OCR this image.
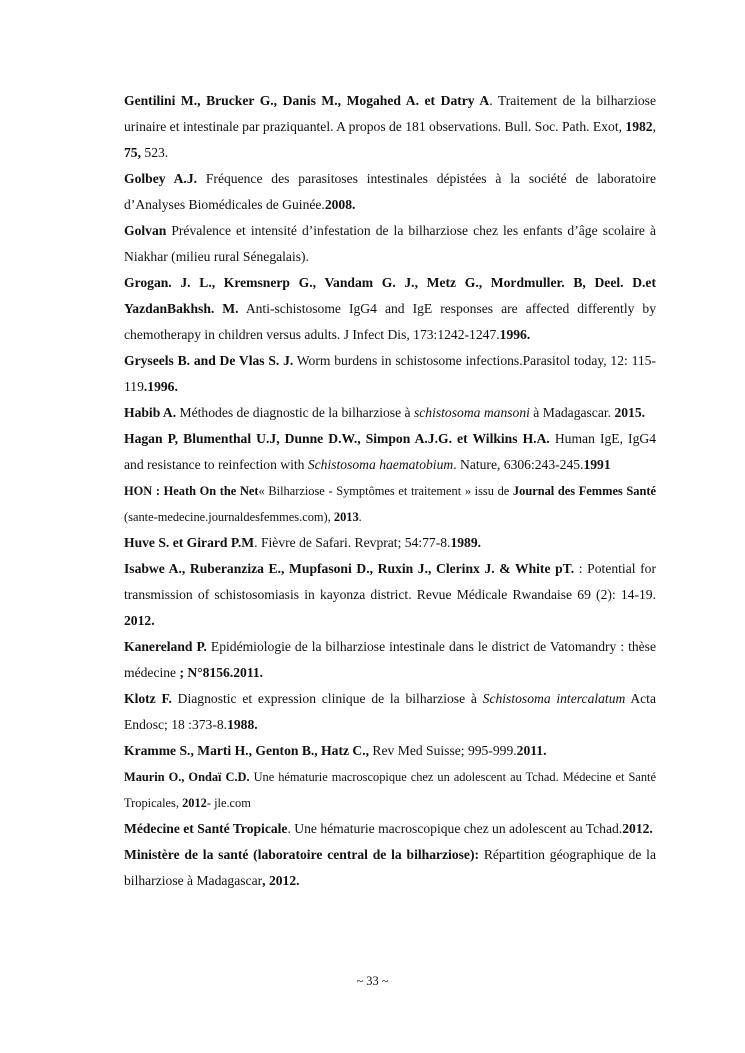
Gentilini M., Brucker G., Danis M., Mogahed A. et Datry A. Traitement de la bilharziose urinaire et intestinale par praziquantel. A propos de 181 observations. Bull. Soc. Path. Exot, 1982, 75, 523.

Golbey A.J. Fréquence des parasitoses intestinales dépistées à la société de laboratoire d’Analyses Biomédicales de Guinée.2008.

Golvan Prévalence et intensité d’infestation de la bilharziose chez les enfants d’âge scolaire à Niakhar (milieu rural Sénegalais).

Grogan. J. L., Kremsnerp G., Vandam G. J., Metz G., Mordmuller. B, Deel. D.et YazdanBakhsh. M. Anti-schistosome IgG4 and IgE responses are affected differently by chemotherapy in children versus adults. J Infect Dis, 173:1242-1247.1996.

Gryseels B. and De Vlas S. J. Worm burdens in schistosome infections.Parasitol today, 12: 115-119.1996.

Habib A. Méthodes de diagnostic de la bilharziose à schistosoma mansoni à Madagascar. 2015.

Hagan P, Blumenthal U.J, Dunne D.W., Simpon A.J.G. et Wilkins H.A. Human IgE, IgG4 and resistance to reinfection with Schistosoma haematobium. Nature, 6306:243-245.1991

HON : Heath On the Net« Bilharziose - Symptômes et traitement » issu de Journal des Femmes Santé (sante-medecine.journaldesfemmes.com), 2013.

Huve S. et Girard P.M. Fièvre de Safari. Revprat; 54:77-8.1989.

Isabwe A., Ruberanziza E., Mupfasoni D., Ruxin J., Clerinx J. & White pT. : Potential for transmission of schistosomiasis in kayonza district. Revue Médicale Rwandaise 69 (2): 14-19. 2012.

Kanereland P. Epidémiologie de la bilharziose intestinale dans le district de Vatomandry : thèse médecine ; N°8156.2011.

Klotz F. Diagnostic et expression clinique de la bilharziose à Schistosoma intercalatum Acta Endosc; 18 :373-8.1988.

Kramme S., Marti H., Genton B., Hatz C., Rev Med Suisse; 995-999.2011.

Maurin O., Ondaï C.D. Une hématurie macroscopique chez un adolescent au Tchad. Médecine et Santé Tropicales, 2012- jle.com

Médecine et Santé Tropicale. Une hématurie macroscopique chez un adolescent au Tchad.2012.

Ministère de la santé (laboratoire central de la bilharziose): Répartition géographique de la bilharziose à Madagascar, 2012.

~ 33 ~
